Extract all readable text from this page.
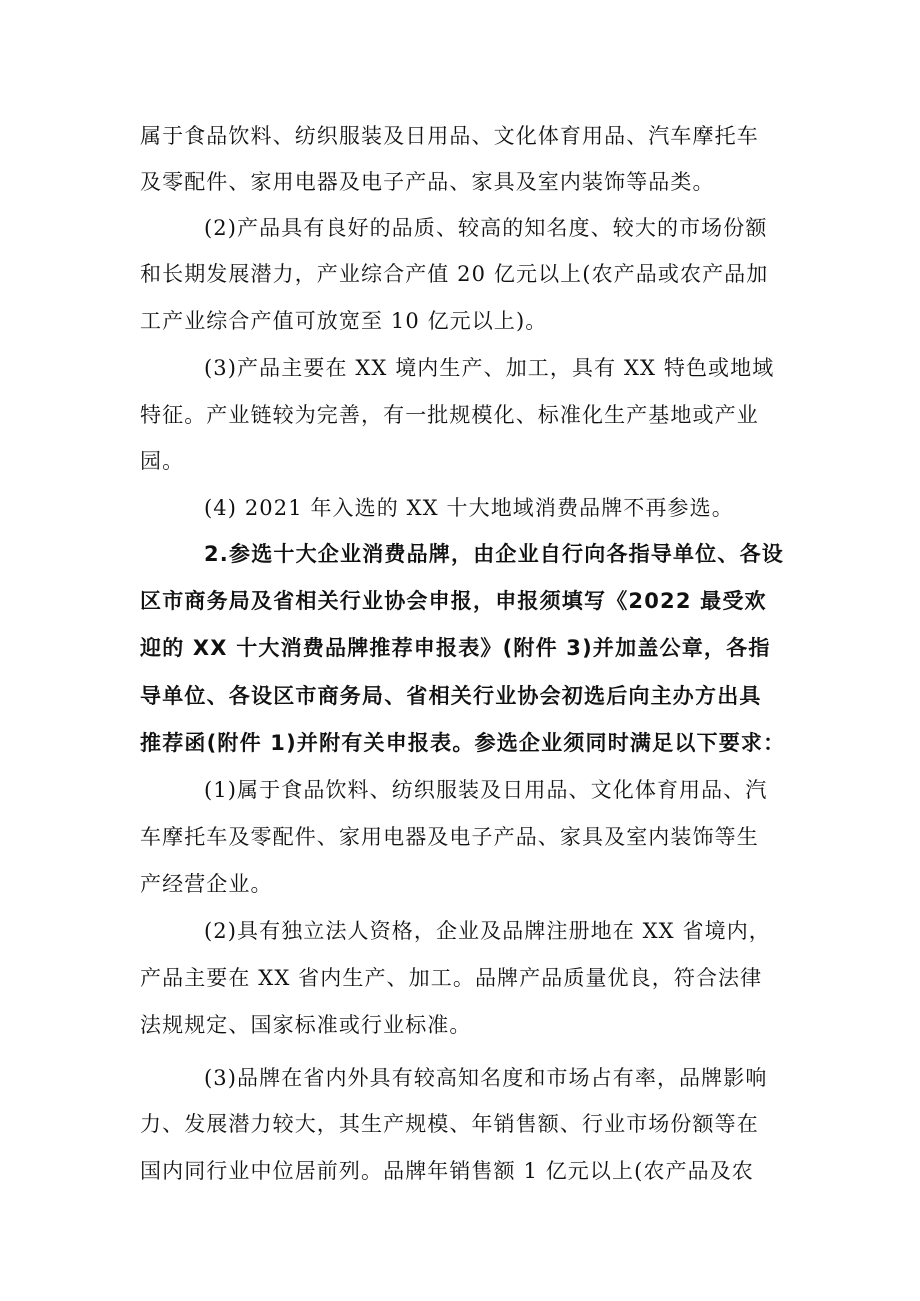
属于食品饮料、纺织服装及日用品、文化体育用品、汽车摩托车
及零配件、家用电器及电子产品、家具及室内装饰等品类。
(2)产品具有良好的品质、较高的知名度、较大的市场份额
和长期发展潜力，产业综合产值 20 亿元以上(农产品或农产品加
工产业综合产值可放宽至 10 亿元以上)。
(3)产品主要在 XX 境内生产、加工，具有 XX 特色或地域
特征。产业链较为完善，有一批规模化、标准化生产基地或产业
园。
(4) 2021 年入选的 XX 十大地域消费品牌不再参选。
2.参选十大企业消费品牌，由企业自行向各指导单位、各设
区市商务局及省相关行业协会申报，申报须填写《2022 最受欢
迎的 XX 十大消费品牌推荐申报表》(附件 3)并加盖公章，各指
导单位、各设区市商务局、省相关行业协会初选后向主办方出具
推荐函(附件 1)并附有关申报表。参选企业须同时满足以下要求：
(1)属于食品饮料、纺织服装及日用品、文化体育用品、汽
车摩托车及零配件、家用电器及电子产品、家具及室内装饰等生
产经营企业。
(2)具有独立法人资格，企业及品牌注册地在 XX 省境内，
产品主要在 XX 省内生产、加工。品牌产品质量优良，符合法律
法规规定、国家标准或行业标准。
(3)品牌在省内外具有较高知名度和市场占有率，品牌影响
力、发展潜力较大，其生产规模、年销售额、行业市场份额等在
国内同行业中位居前列。品牌年销售额 1 亿元以上(农产品及农
